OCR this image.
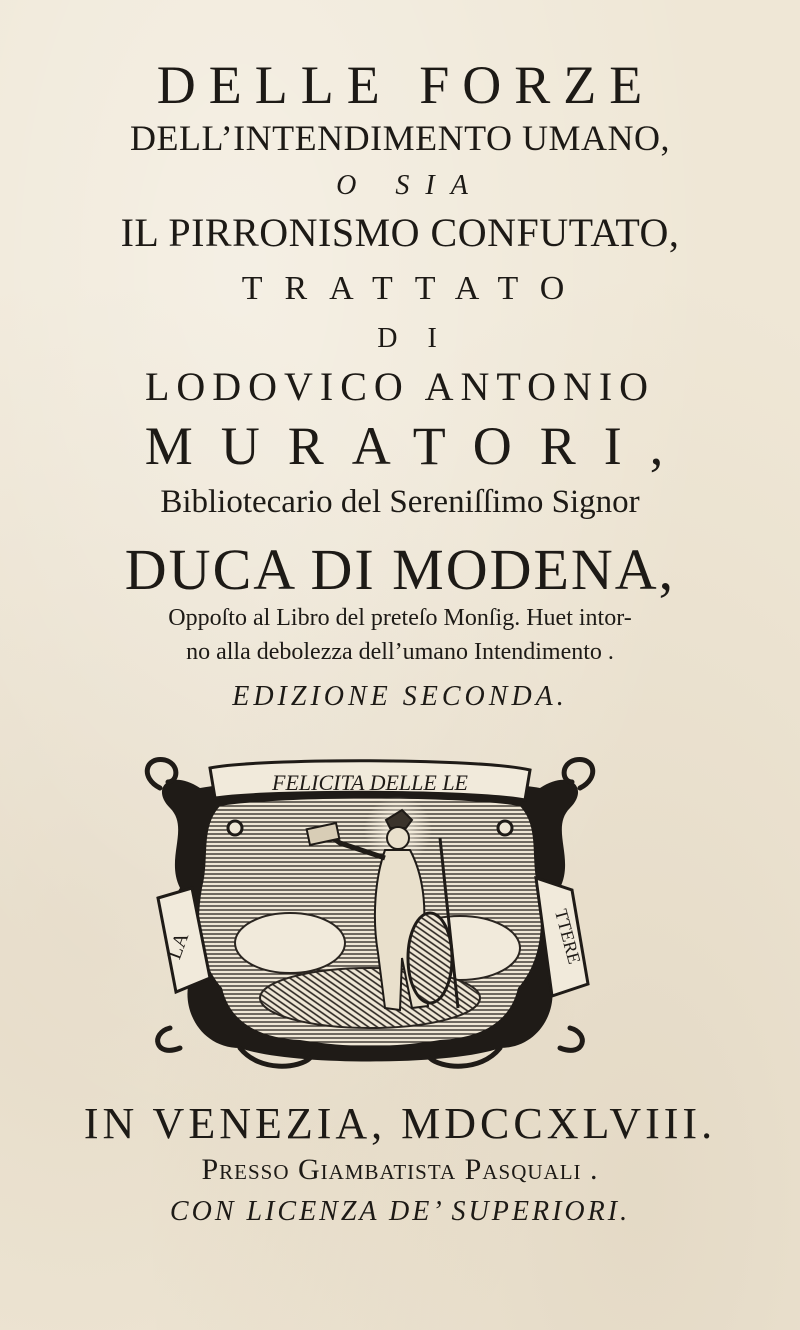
DELLE FORZE
DELL’INTENDIMENTO UMANO,
O SIA
IL PIRRONISMO CONFUTATO,
TRATTATO
DI
LODOVICO ANTONIO
MURATORI,
Bibliotecario del Sereniſſimo Signor
DUCA DI MODENA,
Oppoſto al Libro del preteſo Monſig. Huet intor-
no alla debolezza dell’umano Intendimento .
EDIZIONE SECONDA.
FELICITA DELLE LE
LA	TTERE
IN VENEZIA, MDCCXLVIII.
Preſſo Giambatista Pasquali .
CON LICENZA DE’ SUPERIORI.
